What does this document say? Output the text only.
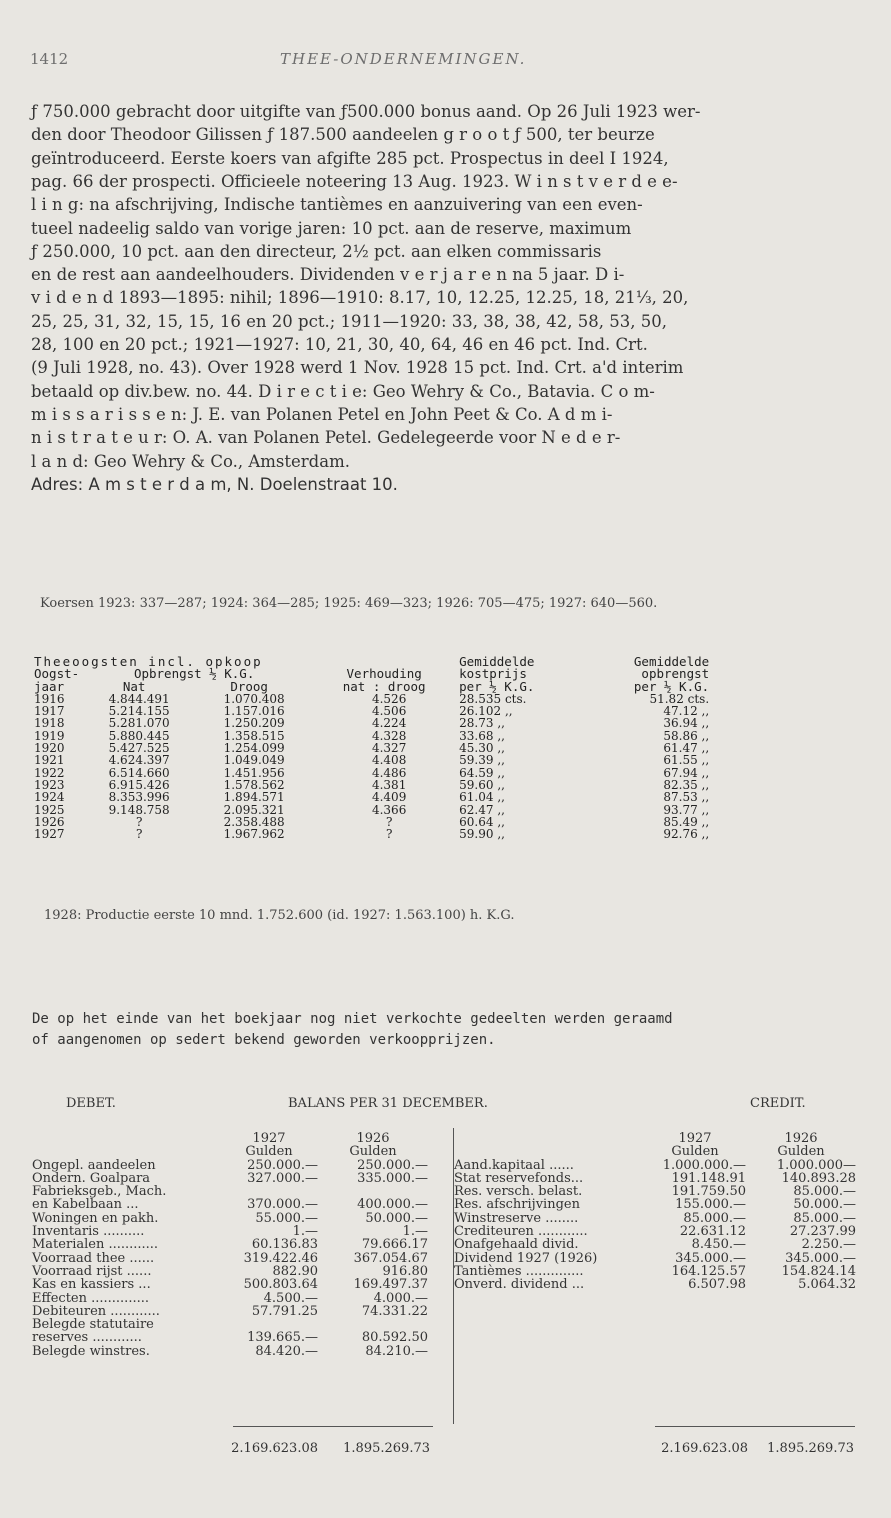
1412	THEE-ONDERNEMINGEN.
ƒ 750.000 gebracht door uitgifte van ƒ500.000 bonus aand. Op 26 Juli 1923 wer-
den door Theodoor Gilissen ƒ 187.500 aandeelen g r o o t ƒ 500, ter beurze
geïntroduceerd. Eerste koers van afgifte 285 pct. Prospectus in deel I 1924,
pag. 66 der prospecti. Officieele noteering 13 Aug. 1923. W i n s t v e r d e e-
l i n g: na afschrijving, Indische tantièmes en aanzuivering van een even-
tueel nadeelig saldo van vorige jaren: 10 pct. aan de reserve, maximum
ƒ 250.000, 10 pct. aan den directeur, 2½ pct. aan elken commissaris
en de rest aan aandeelhouders. Dividenden v e r j a r e n na 5 jaar. D i-
v i d e n d 1893—1895: nihil; 1896—1910: 8.17, 10, 12.25, 12.25, 18, 21⅓, 20,
25, 25, 31, 32, 15, 15, 16 en 20 pct.; 1911—1920: 33, 38, 38, 42, 58, 53, 50,
28, 100 en 20 pct.; 1921—1927: 10, 21, 30, 40, 64, 46 en 46 pct. Ind. Crt.
(9 Juli 1928, no. 43). Over 1928 werd 1 Nov. 1928 15 pct. Ind. Crt. a'd interim
betaald op div.bew. no. 44. D i r e c t i e: Geo Wehry & Co., Batavia. C o m-
m i s s a r i s s e n: J. E. van Polanen Petel en John Peet & Co. A d m i-
n i s t r a t e u r: O. A. van Polanen Petel. Gedelegeerde voor N e d e r-
l a n d: Geo Wehry & Co., Amsterdam.
Adres: A m s t e r d a m, N. Doelenstraat 10.
Koersen 1923: 337—287; 1924: 364—285; 1925: 469—323; 1926: 705—475; 1927: 640—560.
Theeoogsten incl. opkoop				Gemiddelde	Gemiddelde
Oogst-	Opbrengst ½ K.G.		Verhouding	kostprijs	opbrengst
jaar	Nat	Droog	nat : droog	per ½ K.G.	per ½ K.G.
1916	4.844.491	1.070.408	4.526	28.535 cts.	51.82 cts.
1917	5.214.155	1.157.016	4.506	26.102 ,,	47.12 ,,
1918	5.281.070	1.250.209	4.224	28.73 ,,	36.94 ,,
1919	5.880.445	1.358.515	4.328	33.68 ,,	58.86 ,,
1920	5.427.525	1.254.099	4.327	45.30 ,,	61.47 ,,
1921	4.624.397	1.049.049	4.408	59.39 ,,	61.55 ,,
1922	6.514.660	1.451.956	4.486	64.59 ,,	67.94 ,,
1923	6.915.426	1.578.562	4.381	59.60 ,,	82.35 ,,
1924	8.353.996	1.894.571	4.409	61.04 ,,	87.53 ,,
1925	9.148.758	2.095.321	4.366	62.47 ,,	93.77 ,,
1926	?	2.358.488	?	60.64 ,,	85.49 ,,
1927	?	1.967.962	?	59.90 ,,	92.76 ,,
1928: Productie eerste 10 mnd. 1.752.600 (id. 1927: 1.563.100) h. K.G.
De op het einde van het boekjaar nog niet verkochte gedeelten werden geraamd
of aangenomen op sedert bekend geworden verkoopprijzen.
DEBET.	BALANS PER 31 DECEMBER.	CREDIT.
	1927	1926
	Gulden	Gulden
Ongepl. aandeelen	250.000.—	250.000.—
Ondern. Goalpara	327.000.—	335.000.—
Fabrieksgeb., Mach.		
en Kabelbaan ...	370.000.—	400.000.—
Woningen en pakh.	55.000.—	50.000.—
Inventaris ..........	1.—	1.—
Materialen ............	60.136.83	79.666.17
Voorraad thee ......	319.422.46	367.054.67
Voorraad rijst ......	882.90	916.80
Kas en kassiers ...	500.803.64	169.497.37
Effecten ..............	4.500.—	4.000.—
Debiteuren ............	57.791.25	74.331.22
Belegde statutaire		
reserves ............	139.665.—	80.592.50
Belegde winstres.	84.420.—	84.210.—
	1927	1926
	Gulden	Gulden
Aand.kapitaal ......	1.000.000.—	1.000.000—
Stat reservefonds...	191.148.91	140.893.28
Res. versch. belast.	191.759.50	85.000.—
Res. afschrijvingen	155.000.—	50.000.—
Winstreserve ........	85.000.—	85.000.—
Crediteuren ............	22.631.12	27.237.99
Onafgehaald divid.	8.450.—	2.250.—
Dividend 1927 (1926)	345.000.—	345.000.—
Tantièmes ..............	164.125.57	154.824.14
Onverd. dividend ...	6.507.98	5.064.32
2.169.623.08	1.895.269.73	2.169.623.08	1.895.269.73
